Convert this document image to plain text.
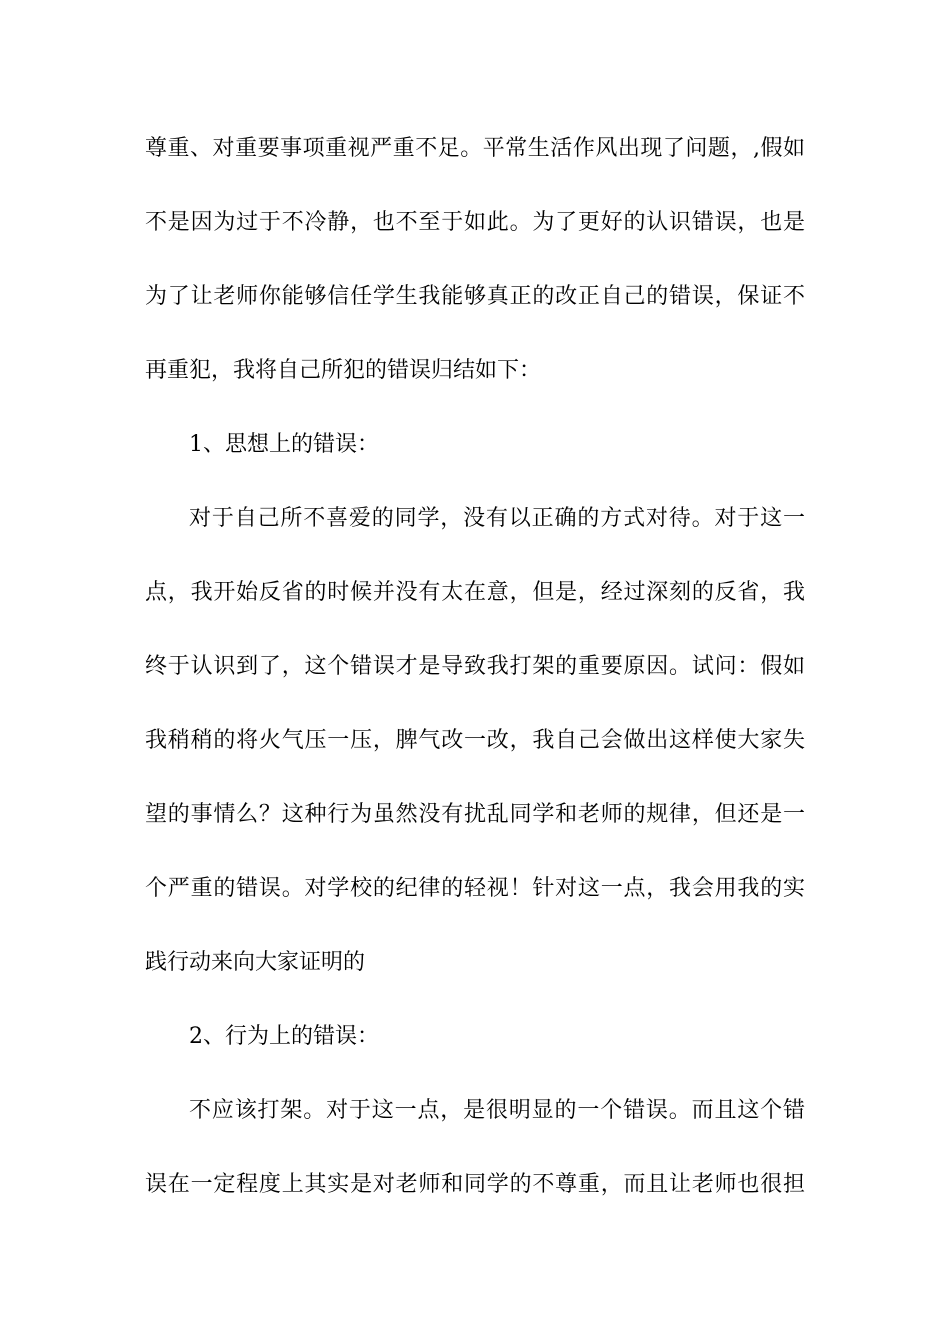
尊重、对重要事项重视严重不足。平常生活作风出现了问题，,假如
不是因为过于不冷静，也不至于如此。为了更好的认识错误，也是
为了让老师你能够信任学生我能够真正的改正自己的错误，保证不
再重犯，我将自己所犯的错误归结如下：
1、思想上的错误：
对于自己所不喜爱的同学，没有以正确的方式对待。对于这一
点，我开始反省的时候并没有太在意，但是，经过深刻的反省，我
终于认识到了，这个错误才是导致我打架的重要原因。试问：假如
我稍稍的将火气压一压，脾气改一改，我自己会做出这样使大家失
望的事情么？这种行为虽然没有扰乱同学和老师的规律，但还是一
个严重的错误。对学校的纪律的轻视！针对这一点，我会用我的实
践行动来向大家证明的
2、行为上的错误：
不应该打架。对于这一点，是很明显的一个错误。而且这个错
误在一定程度上其实是对老师和同学的不尊重，而且让老师也很担
